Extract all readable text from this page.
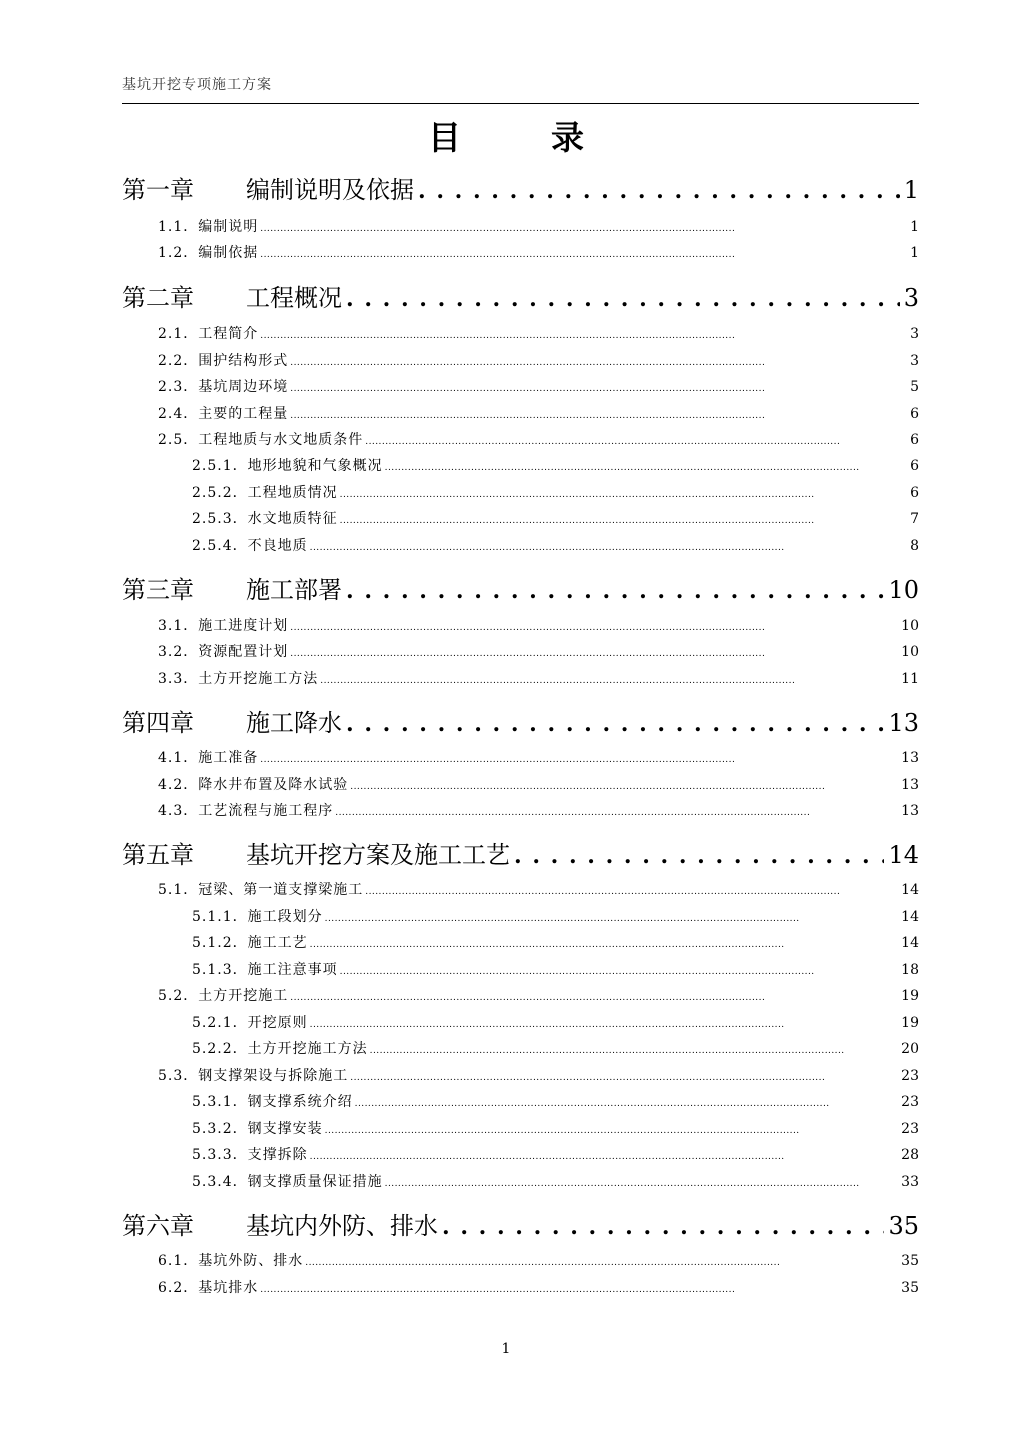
基坑开挖专项施工方案
目录
第一章	编制说明及依据 . . .	1
1.1． 编制说明 . . .	1
1.2． 编制依据 . . .	1
第二章	工程概况 . . .	3
2.1． 工程简介 . . .	3
2.2． 围护结构形式 . . .	3
2.3． 基坑周边环境 . . .	5
2.4． 主要的工程量 . . .	6
2.5． 工程地质与水文地质条件 . . .	6
2.5.1． 地形地貌和气象概况 . . .	6
2.5.2． 工程地质情况 . . .	6
2.5.3． 水文地质特征 . . .	7
2.5.4． 不良地质 . . .	8
第三章	施工部署 . . .	10
3.1． 施工进度计划 . . .	10
3.2． 资源配置计划 . . .	10
3.3． 土方开挖施工方法 . . .	11
第四章	施工降水 . . .	13
4.1． 施工准备 . . .	13
4.2． 降水井布置及降水试验 . . .	13
4.3． 工艺流程与施工程序 . . .	13
第五章	基坑开挖方案及施工工艺 . . .	14
5.1． 冠梁、第一道支撑梁施工 . . .	14
5.1.1． 施工段划分 . . .	14
5.1.2． 施工工艺 . . .	14
5.1.3． 施工注意事项 . . .	18
5.2． 土方开挖施工 . . .	19
5.2.1． 开挖原则 . . .	19
5.2.2． 土方开挖施工方法 . . .	20
5.3． 钢支撑架设与拆除施工 . . .	23
5.3.1． 钢支撑系统介绍 . . .	23
5.3.2． 钢支撑安装 . . .	23
5.3.3． 支撑拆除 . . .	28
5.3.4． 钢支撑质量保证措施 . . .	33
第六章	基坑内外防、排水 . . .	35
6.1． 基坑外防、排水 . . .	35
6.2． 基坑排水 . . .	35
1
